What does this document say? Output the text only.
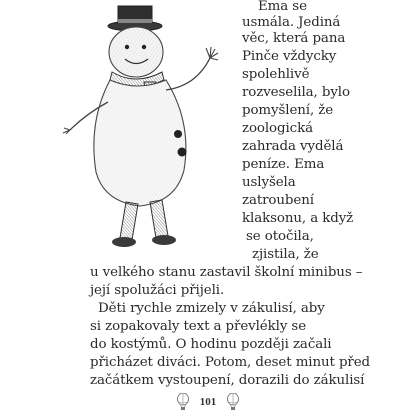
Ema se
usmála. Jediná
věc, která pana
Pinče vždycky
spolehlivě
rozveselila, bylo
pomyšlení, že
zoologická
zahrada vydělá
peníze. Ema
uslyšela
zatroubení
klaksonu, a když
se otočila,
zjistila, že
u velkého stanu zastavil školní minibus –
její spolužáci přijeli.
Děti rychle zmizely v zákulisí, aby
si zopakovaly text a převlékly se
do kostýmů. O hodinu později začali
přicházet diváci. Potom, deset minut před
začátkem vystoupení, dorazili do zákulisí
101
